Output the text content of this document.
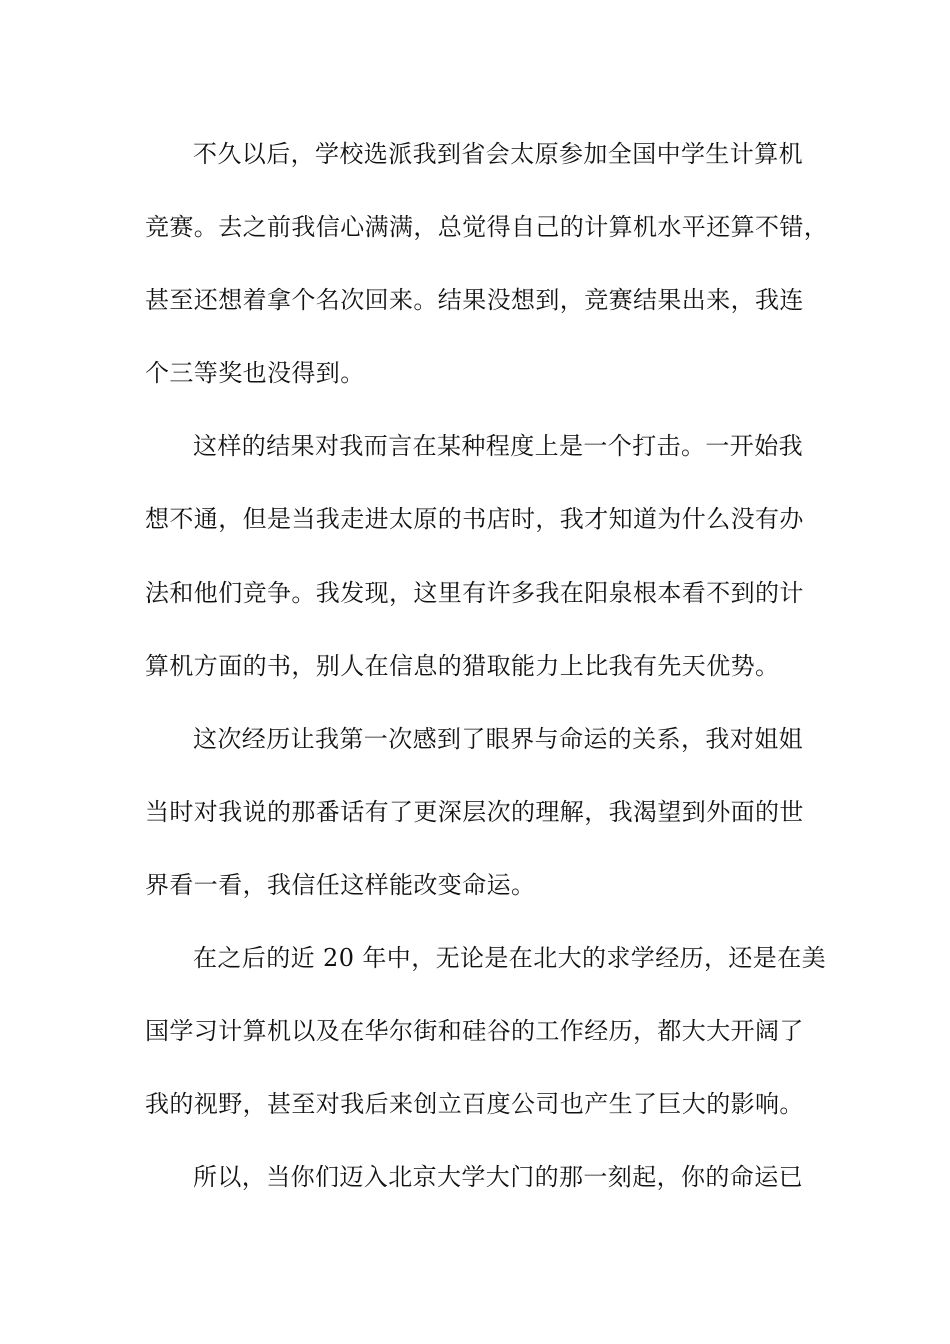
不久以后，学校选派我到省会太原参加全国中学生计算机
竞赛。去之前我信心满满，总觉得自己的计算机水平还算不错，
甚至还想着拿个名次回来。结果没想到，竞赛结果出来，我连
个三等奖也没得到。
这样的结果对我而言在某种程度上是一个打击。一开始我
想不通，但是当我走进太原的书店时，我才知道为什么没有办
法和他们竞争。我发现，这里有许多我在阳泉根本看不到的计
算机方面的书，别人在信息的猎取能力上比我有先天优势。
这次经历让我第一次感到了眼界与命运的关系，我对姐姐
当时对我说的那番话有了更深层次的理解，我渴望到外面的世
界看一看，我信任这样能改变命运。
在之后的近 20 年中，无论是在北大的求学经历，还是在美
国学习计算机以及在华尔街和硅谷的工作经历，都大大开阔了
我的视野，甚至对我后来创立百度公司也产生了巨大的影响。
所以，当你们迈入北京大学大门的那一刻起，你的命运已
